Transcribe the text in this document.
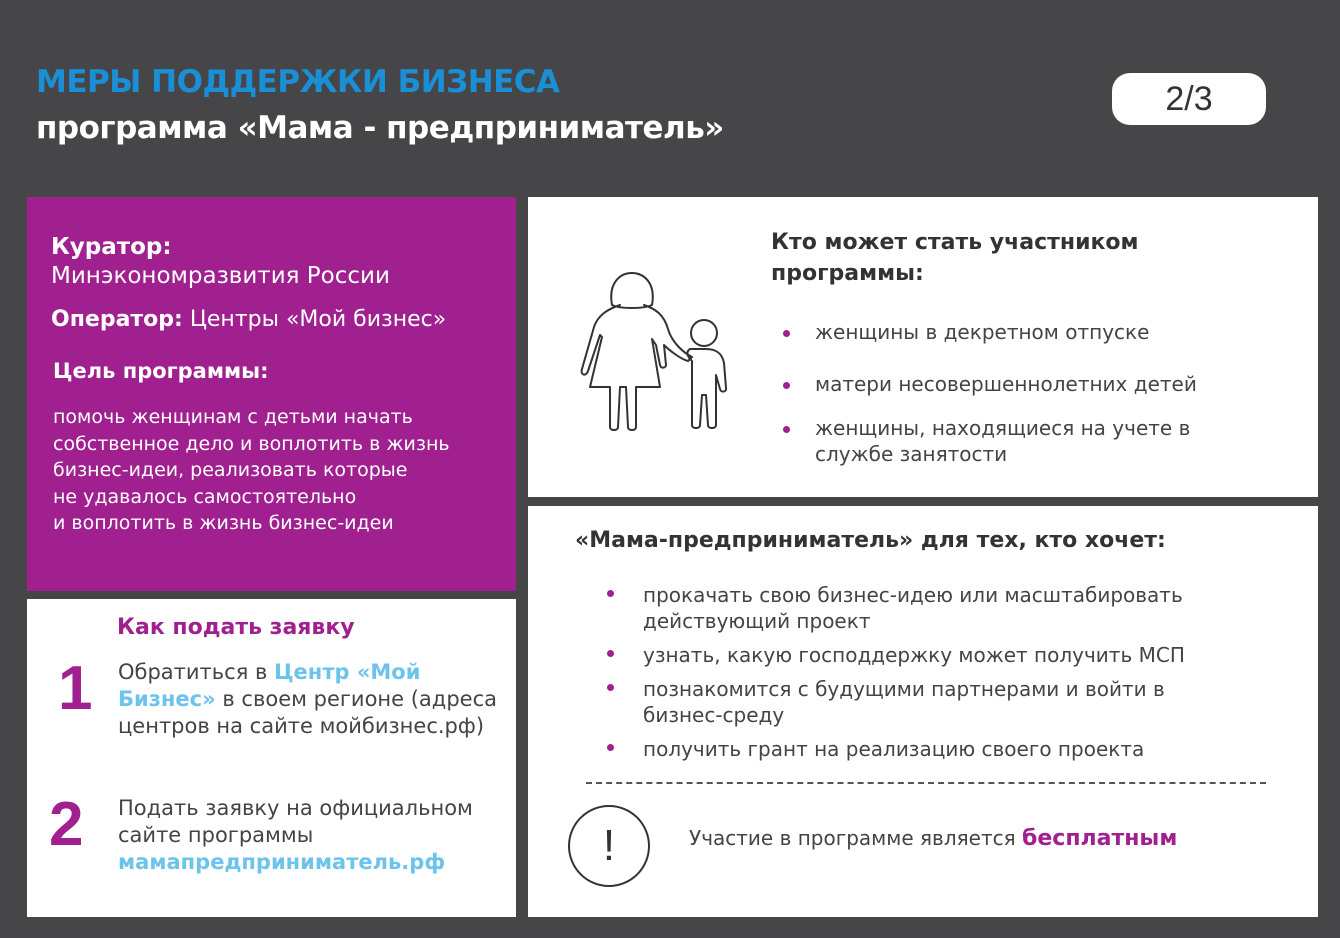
МЕРЫ ПОДДЕРЖКИ БИЗНЕСА
программа «Мама - предприниматель»
2/3
Куратор:
Минэкономразвития России
Оператор: Центры «Мой бизнес»
Цель программы:
помочь женщинам с детьми начать
собственное дело и воплотить в жизнь
бизнес-идеи, реализовать которые
не удавалось самостоятельно
и воплотить в жизнь бизнес-идеи
Как подать заявку
1 Обратиться в Центр «Мой Бизнес» в своем регионе (адреса центров на сайте мойбизнес.рф)
2 Подать заявку на официальном сайте программы
мамапредприниматель.рф
Кто может стать участником программы:
женщины в декретном отпуске
матери несовершеннолетних детей
женщины, находящиеся на учете в службе занятости
«Мама-предприниматель» для тех, кто хочет:
прокачать свою бизнес-идею или масштабировать действующий проект
узнать, какую господдержку может получить МСП
познакомится с будущими партнерами и войти в бизнес-среду
получить грант на реализацию своего проекта
!	Участие в программе является бесплатным
